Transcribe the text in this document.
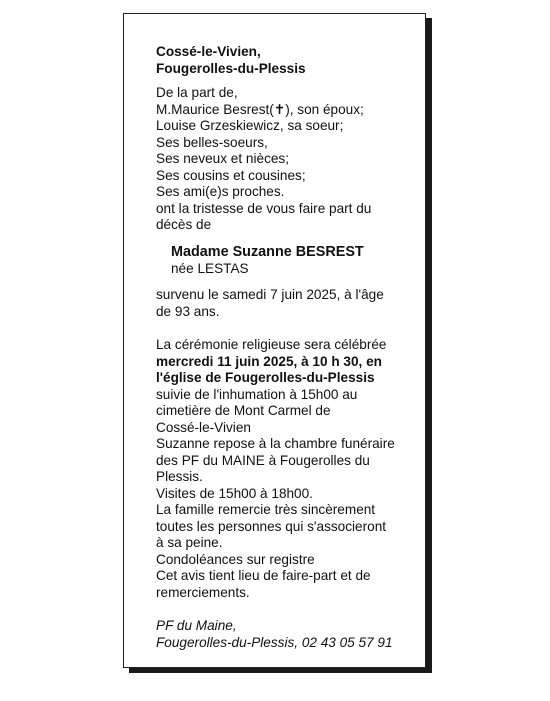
Cossé-le-Vivien,
Fougerolles-du-Plessis
De la part de,
M.Maurice Besrest(✝), son époux;
Louise Grzeskiewicz, sa soeur;
Ses belles-soeurs,
Ses neveux et nièces;
Ses cousins et cousines;
Ses ami(e)s proches.
ont la tristesse de vous faire part du
décès de
Madame Suzanne BESREST
née LESTAS
survenu le samedi 7 juin 2025, à l'âge
de 93 ans.
La cérémonie religieuse sera célébrée
mercredi 11 juin 2025, à 10 h 30, en
l'église de Fougerolles-du-Plessis
suivie de l'inhumation à 15h00 au
cimetière de Mont Carmel de
Cossé-le-Vivien
Suzanne repose à la chambre funéraire
des PF du MAINE à Fougerolles du
Plessis.
Visites de 15h00 à 18h00.
La famille remercie très sincèrement
toutes les personnes qui s'associeront
à sa peine.
Condoléances sur registre
Cet avis tient lieu de faire-part et de
remerciements.
PF du Maine,
Fougerolles-du-Plessis, 02 43 05 57 91
